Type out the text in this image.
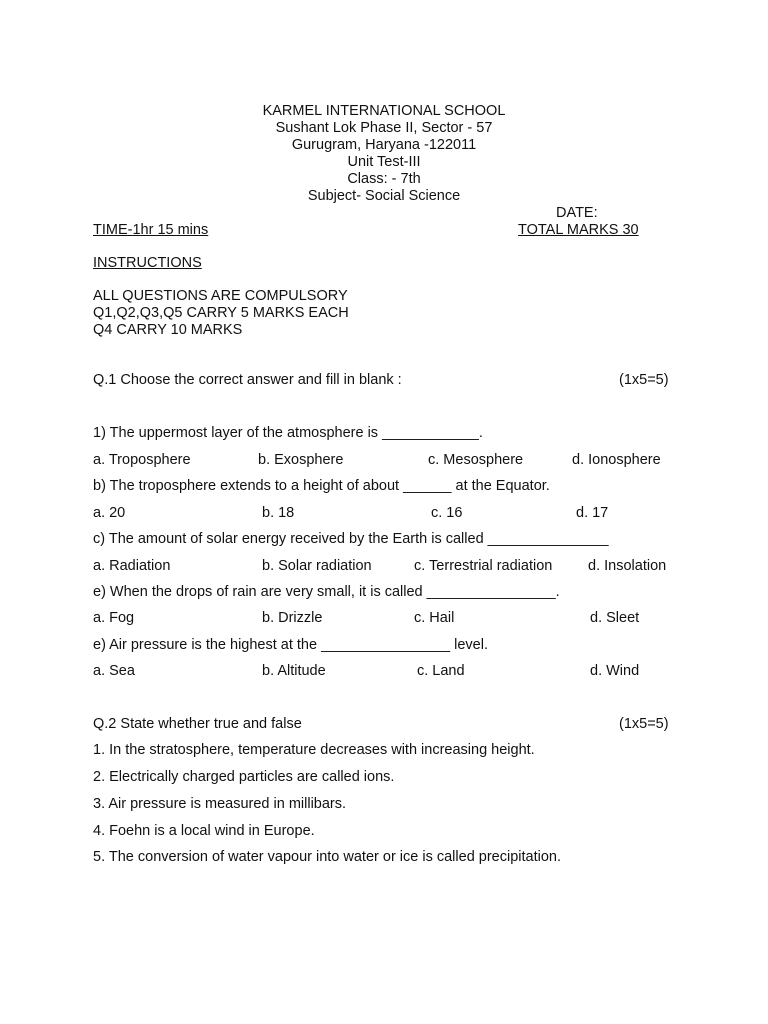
KARMEL INTERNATIONAL SCHOOL
Sushant Lok Phase II, Sector - 57
Gurugram, Haryana -122011
Unit Test-III
Class: - 7th
Subject- Social Science
DATE:
TIME-1hr 15 mins	TOTAL MARKS 30
INSTRUCTIONS
ALL QUESTIONS ARE COMPULSORY
Q1,Q2,Q3,Q5 CARRY 5 MARKS EACH
Q4 CARRY 10 MARKS
Q.1 Choose the correct answer and fill in blank :	(1x5=5)
1) The uppermost layer of the atmosphere is ____________.
a. Troposphere	b. Exosphere	c. Mesosphere	d. Ionosphere
b) The troposphere extends to a height of about ______ at the Equator.
a. 20	b. 18	c. 16	d. 17
c) The amount of solar energy received by the Earth is called _______________
a. Radiation	b. Solar radiation	c. Terrestrial radiation d. Insolation
e) When the drops of rain are very small, it is called ________________.
a. Fog	b. Drizzle	c. Hail	d. Sleet
e) Air pressure is the highest at the ________________ level.
a. Sea	b. Altitude	c. Land	d. Wind
Q.2 State whether true and false	(1x5=5)
1. In the stratosphere, temperature decreases with increasing height.
2. Electrically charged particles are called ions.
3. Air pressure is measured in millibars.
4. Foehn is a local wind in Europe.
5. The conversion of water vapour into water or ice is called precipitation.
